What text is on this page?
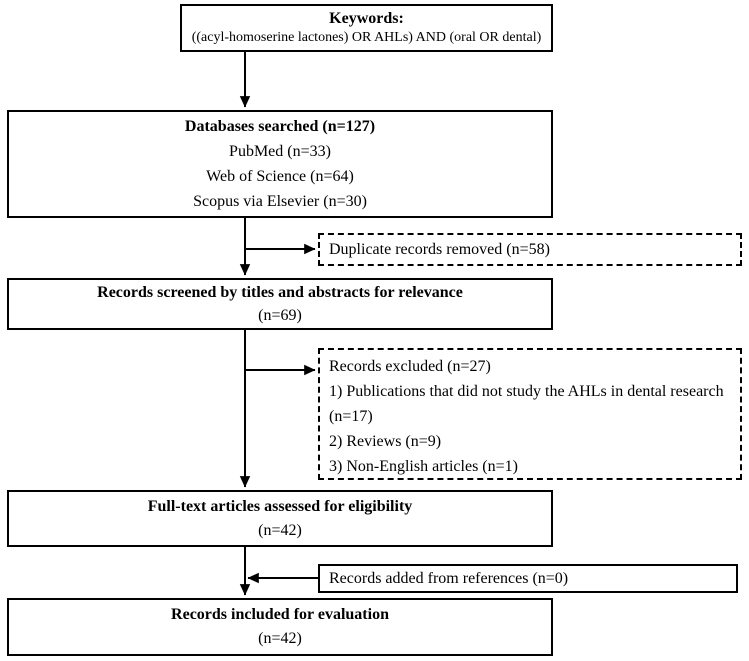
Keywords:
((acyl-homoserine lactones) OR AHLs) AND (oral OR dental)
Databases searched (n=127)
PubMed (n=33)
Web of Science (n=64)
Scopus via Elsevier (n=30)
Duplicate records removed (n=58)
Records screened by titles and abstracts for relevance
(n=69)
Records excluded (n=27)
1) Publications that did not study the AHLs in dental research (n=17)
2) Reviews (n=9)
3) Non-English articles (n=1)
Full-text articles assessed for eligibility
(n=42)
Records added from references (n=0)
Records included for evaluation
(n=42)
